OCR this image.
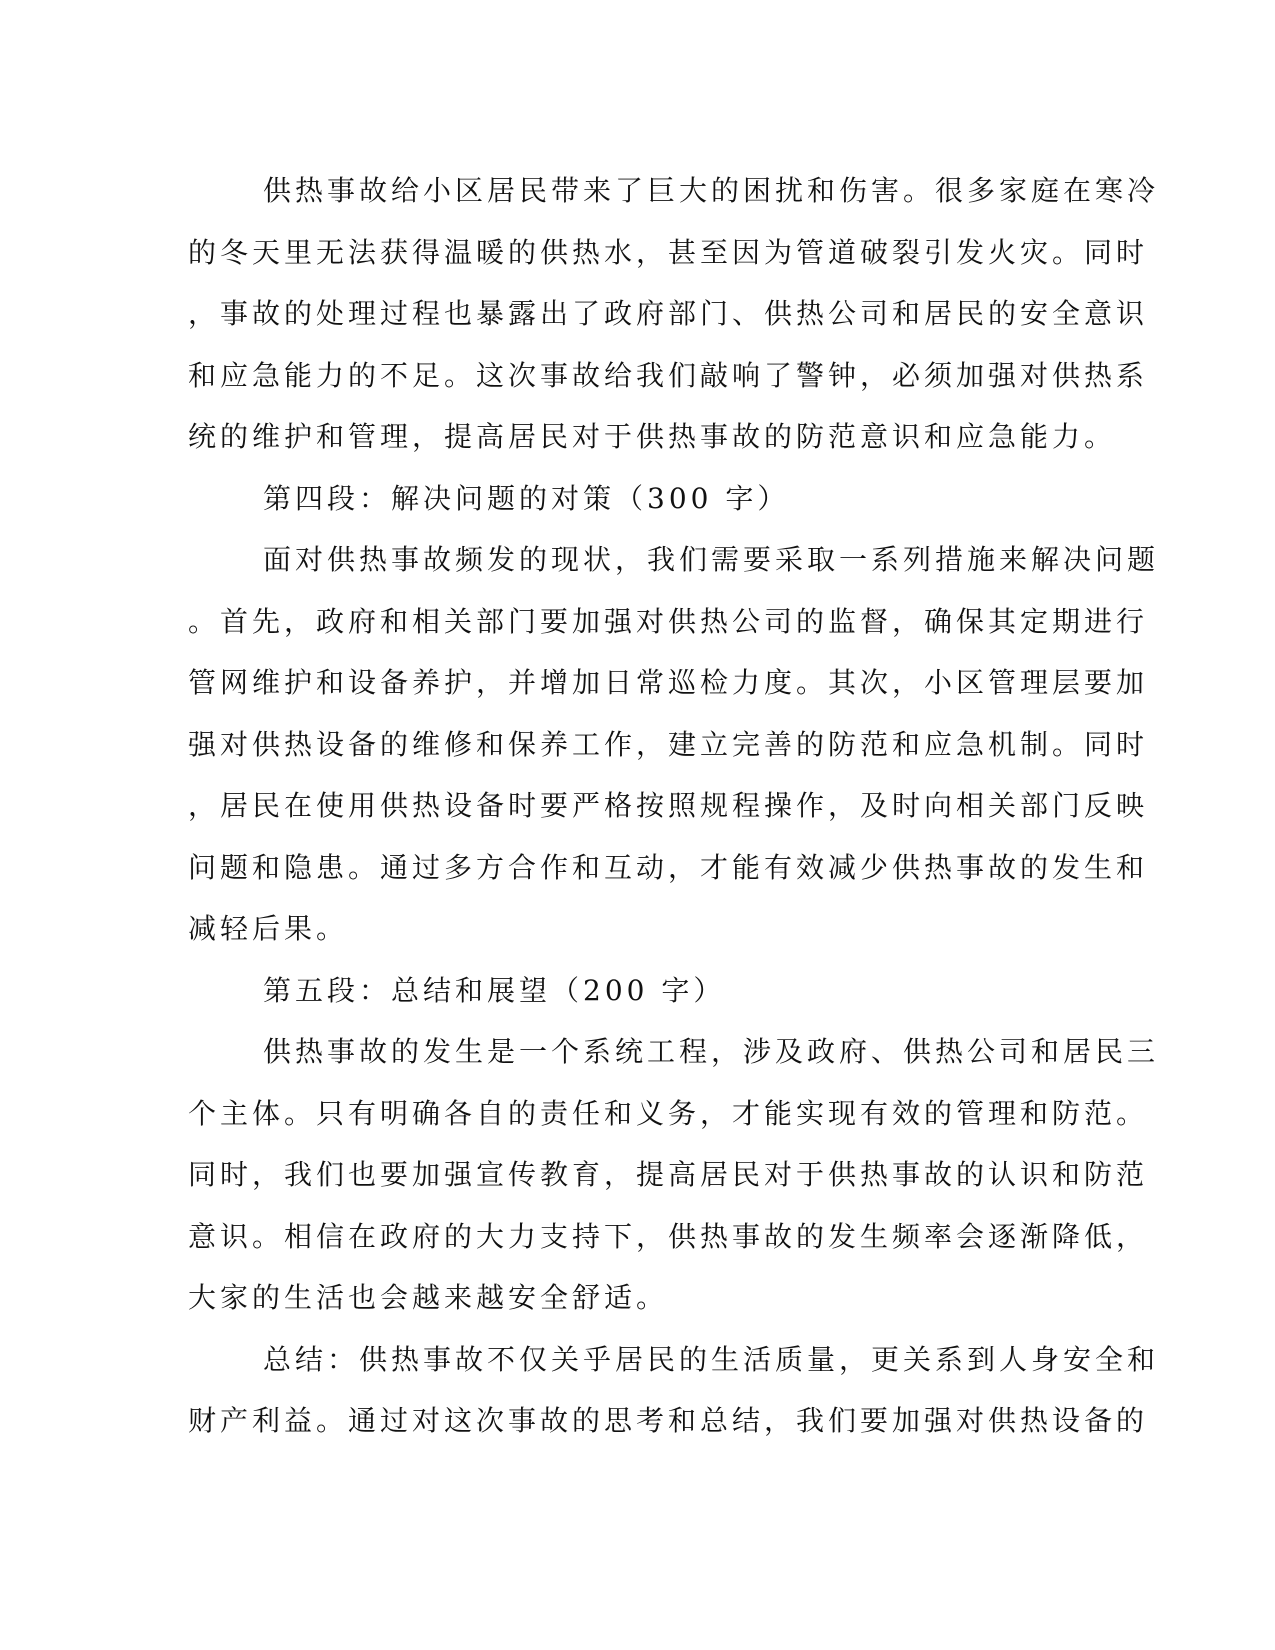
供热事故给小区居民带来了巨大的困扰和伤害。很多家庭在寒冷
的冬天里无法获得温暖的供热水，甚至因为管道破裂引发火灾。同时
，事故的处理过程也暴露出了政府部门、供热公司和居民的安全意识
和应急能力的不足。这次事故给我们敲响了警钟，必须加强对供热系
统的维护和管理，提高居民对于供热事故的防范意识和应急能力。
第四段：解决问题的对策（300 字）
面对供热事故频发的现状，我们需要采取一系列措施来解决问题
。首先，政府和相关部门要加强对供热公司的监督，确保其定期进行
管网维护和设备养护，并增加日常巡检力度。其次，小区管理层要加
强对供热设备的维修和保养工作，建立完善的防范和应急机制。同时
，居民在使用供热设备时要严格按照规程操作，及时向相关部门反映
问题和隐患。通过多方合作和互动，才能有效减少供热事故的发生和
减轻后果。
第五段：总结和展望（200 字）
供热事故的发生是一个系统工程，涉及政府、供热公司和居民三
个主体。只有明确各自的责任和义务，才能实现有效的管理和防范。
同时，我们也要加强宣传教育，提高居民对于供热事故的认识和防范
意识。相信在政府的大力支持下，供热事故的发生频率会逐渐降低，
大家的生活也会越来越安全舒适。
总结：供热事故不仅关乎居民的生活质量，更关系到人身安全和
财产利益。通过对这次事故的思考和总结，我们要加强对供热设备的
